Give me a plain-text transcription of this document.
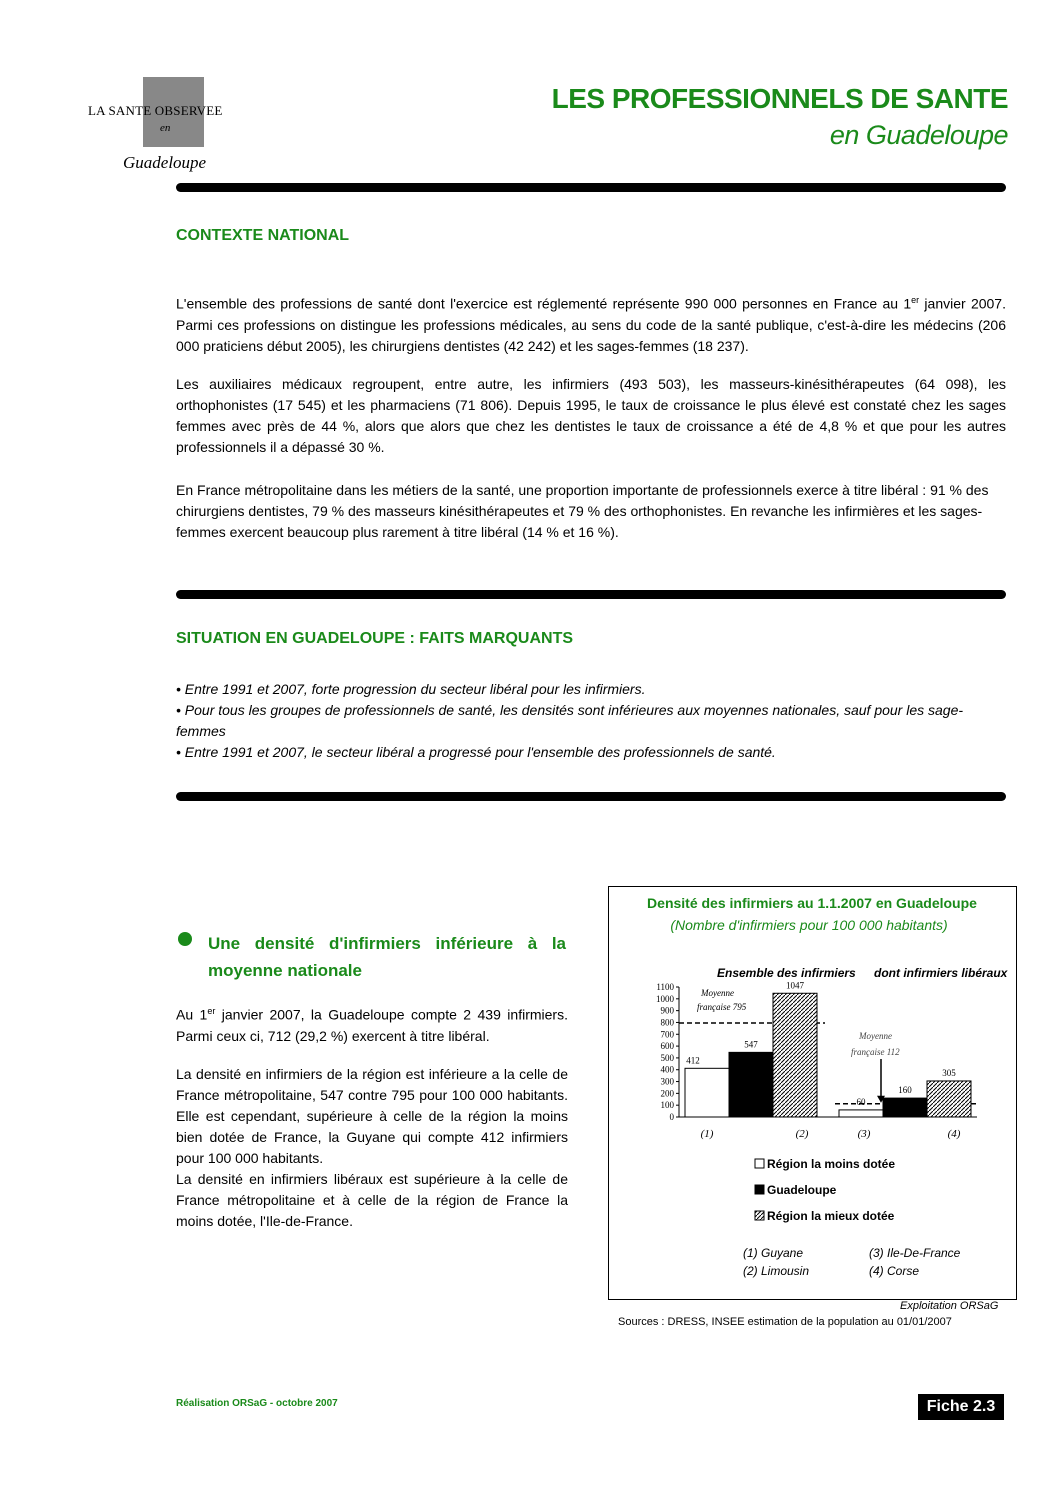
LA SANTE OBSERVEE
en
Guadeloupe
LES PROFESSIONNELS DE SANTE
en Guadeloupe
CONTEXTE NATIONAL
L'ensemble des professions de santé dont l'exercice est réglementé représente 990 000 personnes en France au 1er janvier 2007. Parmi ces professions on distingue les professions médicales, au sens du code de la santé publique, c'est-à-dire les médecins (206 000 praticiens début 2005), les chirurgiens dentistes (42 242) et les sages-femmes (18 237).
Les auxiliaires médicaux regroupent, entre autre, les infirmiers (493 503), les masseurs-kinésithérapeutes (64 098), les orthophonistes (17 545) et les pharmaciens (71 806). Depuis 1995, le taux de croissance le plus élevé est constaté chez les sages femmes avec près de 44 %, alors que alors que chez les dentistes le taux de croissance a été de 4,8 % et que pour les autres professionnels il a dépassé 30 %.
En France métropolitaine dans les métiers de la santé, une proportion importante de professionnels exerce à titre libéral : 91 % des chirurgiens dentistes, 79 % des masseurs kinésithérapeutes et 79 % des orthophonistes. En revanche les infirmières et les sages-femmes exercent beaucoup plus rarement à titre libéral (14 % et 16 %).
SITUATION EN GUADELOUPE : FAITS MARQUANTS
• Entre 1991 et 2007, forte progression du secteur libéral pour les infirmiers.
• Pour tous les groupes de professionnels de santé, les densités sont inférieures aux moyennes nationales, sauf pour les sage-femmes
• Entre 1991 et 2007, le secteur libéral a progressé pour l'ensemble des professionnels de santé.
Une densité d'infirmiers inférieure à la moyenne nationale
Au 1er janvier 2007, la Guadeloupe compte 2 439 infirmiers. Parmi ceux ci, 712 (29,2 %) exercent à titre libéral.
La densité en infirmiers de la région est inférieure a la celle de France métropolitaine, 547 contre 795 pour 100 000 habitants. Elle est cependant, supérieure à celle de la région la moins bien dotée de France, la Guyane qui compte 412 infirmiers pour 100 000 habitants.
La densité en infirmiers libéraux est supérieure à la celle de France métropolitaine et à celle de la région de France la moins dotée, l'Ile-de-France.
Densité des infirmiers au 1.1.2007 en Guadeloupe
(Nombre d'infirmiers pour 100 000 habitants)
Ensemble des infirmiers dont infirmiers libéraux
0
100
200
300
400
500
600
700
800
900
1000
1100
412
60
547
160
1047
305
Moyenne
française 795
Moyenne
française 112
(1)	(2)	(3)	(4)
Région la moins dotée
Guadeloupe
Région la mieux dotée
(1) Guyane	(3) Ile-De-France
(2) Limousin	(4) Corse
Exploitation ORSaG
Sources : DRESS, INSEE estimation de la population au 01/01/2007
Réalisation ORSaG - octobre 2007	Fiche 2.3
